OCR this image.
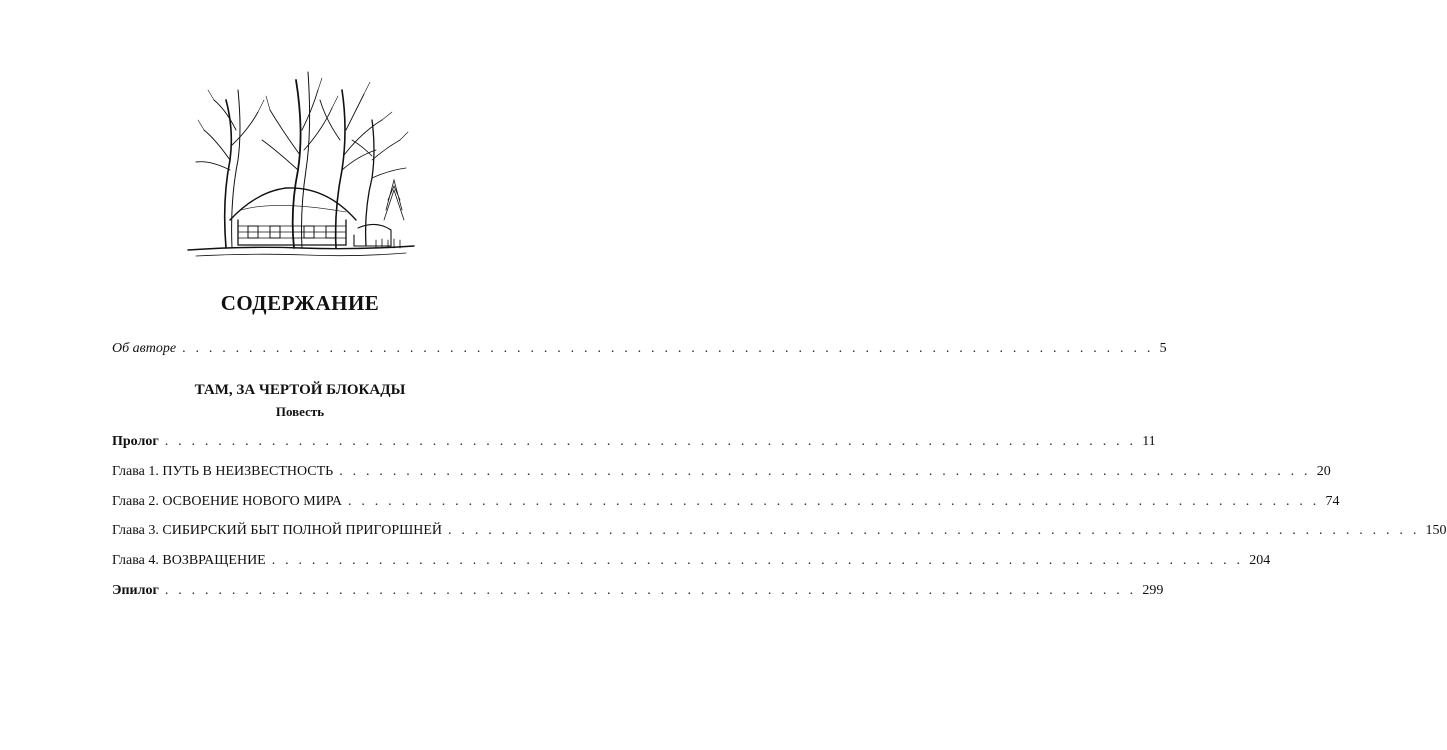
СОДЕРЖАНИЕ
Об авторе . . . . . . . . . . . . . . . . . . . . . . . . . . . . . . . . . . . . . . . . . . . . . . . . . . . . . . . . . . . . . . . . . . . . . . . . . 5
ТАМ, ЗА ЧЕРТОЙ БЛОКАДЫ
Повесть
Пролог . . . . . . . . . . . . . . . . . . . . . . . . . . . . . . . . . . . . . . . . . . . . . . . . . . . . . . . . . . . . . . . . . . . . . . . . . 11
Глава 1. ПУТЬ В НЕИЗВЕСТНОСТЬ . . . . . . . . . . . . . . . . . . . . . . . . . . . . . . . . . . . . . . . . . . . . . . . . . . . . . . . . . . . . . . . . . . . . . . . . . 20
Глава 2. ОСВОЕНИЕ НОВОГО МИРА . . . . . . . . . . . . . . . . . . . . . . . . . . . . . . . . . . . . . . . . . . . . . . . . . . . . . . . . . . . . . . . . . . . . . . . . . 74
Глава 3. СИБИРСКИЙ БЫТ ПОЛНОЙ ПРИГОРШНЕЙ . . . . . . . . . . . . . . . . . . . . . . . . . . . . . . . . . . . . . . . . . . . . . . . . . . . . . . . . . . . . . . . . . . . . . . . . . 150
Глава 4. ВОЗВРАЩЕНИЕ . . . . . . . . . . . . . . . . . . . . . . . . . . . . . . . . . . . . . . . . . . . . . . . . . . . . . . . . . . . . . . . . . . . . . . . . . 204
Эпилог . . . . . . . . . . . . . . . . . . . . . . . . . . . . . . . . . . . . . . . . . . . . . . . . . . . . . . . . . . . . . . . . . . . . . . . . . 299
